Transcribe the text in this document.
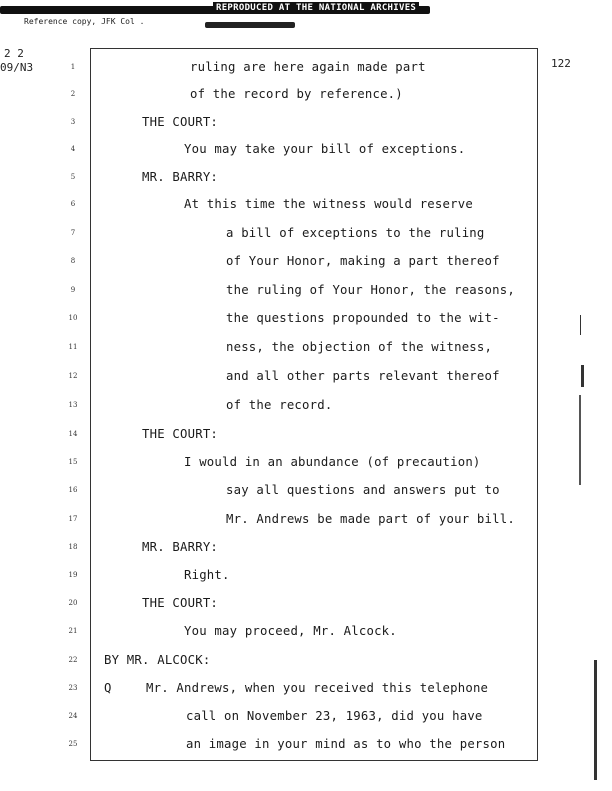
REPRODUCED AT THE NATIONAL ARCHIVES
Reference copy, JFK Col .
2 2
09/N3	122
1	ruling are here again made part
2	of the record by reference.)
3	THE COURT:
4	You may take your bill of exceptions.
5	MR. BARRY:
6	At this time the witness would reserve
7	a bill of exceptions to the ruling
8	of Your Honor, making a part thereof
9	the ruling of Your Honor, the reasons,
10	the questions propounded to the wit-
11	ness, the objection of the witness,
12	and all other parts relevant thereof
13	of the record.
14	THE COURT:
15	I would in an abundance (of precaution)
16	say all questions and answers put to
17	Mr. Andrews be made part of your bill.
18	MR. BARRY:
19	Right.
20	THE COURT:
21	You may proceed, Mr. Alcock.
22	BY MR. ALCOCK:
23	Q	Mr. Andrews, when you received this telephone
24	call on November 23, 1963, did you have
25	an image in your mind as to who the person
